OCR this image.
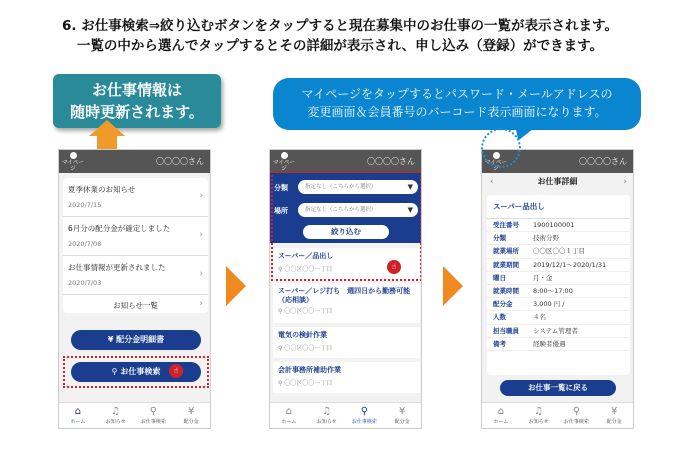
6. お仕事検索⇒絞り込むボタンをタップすると現在募集中のお仕事の一覧が表示されます。
一覧の中から選んでタップするとその詳細が表示され、申し込み（登録）ができます。
お仕事情報は
随時更新されます。
マイページをタップするとパスワード・メールアドレスの
変更画面＆会員番号のバーコード表示画面になります。
マイページ
〇〇〇〇さん
夏季休業のお知らせ
2020/7/15
›
6月分の配分金が確定しました
2020/7/08
›
お仕事情報が更新されました
2020/7/03
›
お知らせ一覧	›
¥ 配分金明細書
⚲ お仕事検索	☝
⌂
ホーム
♫
お知らせ
⚲
お仕事検索
¥
配分金
マイページ
〇〇〇〇さん
分類	指定なし（こちらから選択）	▼
場所	指定なし（こちらから選択）	▼
絞り込む
スーパー／品出し
⚲ 〇〇区〇〇一丁目
スーパー／レジ打ち　週四日から勤務可能（応相談）
⚲ 〇〇区〇〇一丁目
電気の検針作業
⚲ 〇〇区〇〇一丁目
会計事務所補助作業
⚲ 〇〇区〇〇一丁目
☝
⌂
ホーム
♫
お知らせ
⚲
お仕事検索
¥
配分金
マイページ
〇〇〇〇さん
‹	お仕事詳細	›
スーパー品出し
受注番号	1900100001
分類	技術分野
就業場所	〇〇区〇〇１丁目
就業期間	2019/12/1～2020/1/31
曜日	月・金
就業時間	8:00～17:00
配分金	3,000 円 /
人数	４名
担当職員	システム管理者
備考	経験者優遇
お仕事一覧に戻る
⌂
ホーム
♫
お知らせ
⚲
お仕事検索
¥
配分金
